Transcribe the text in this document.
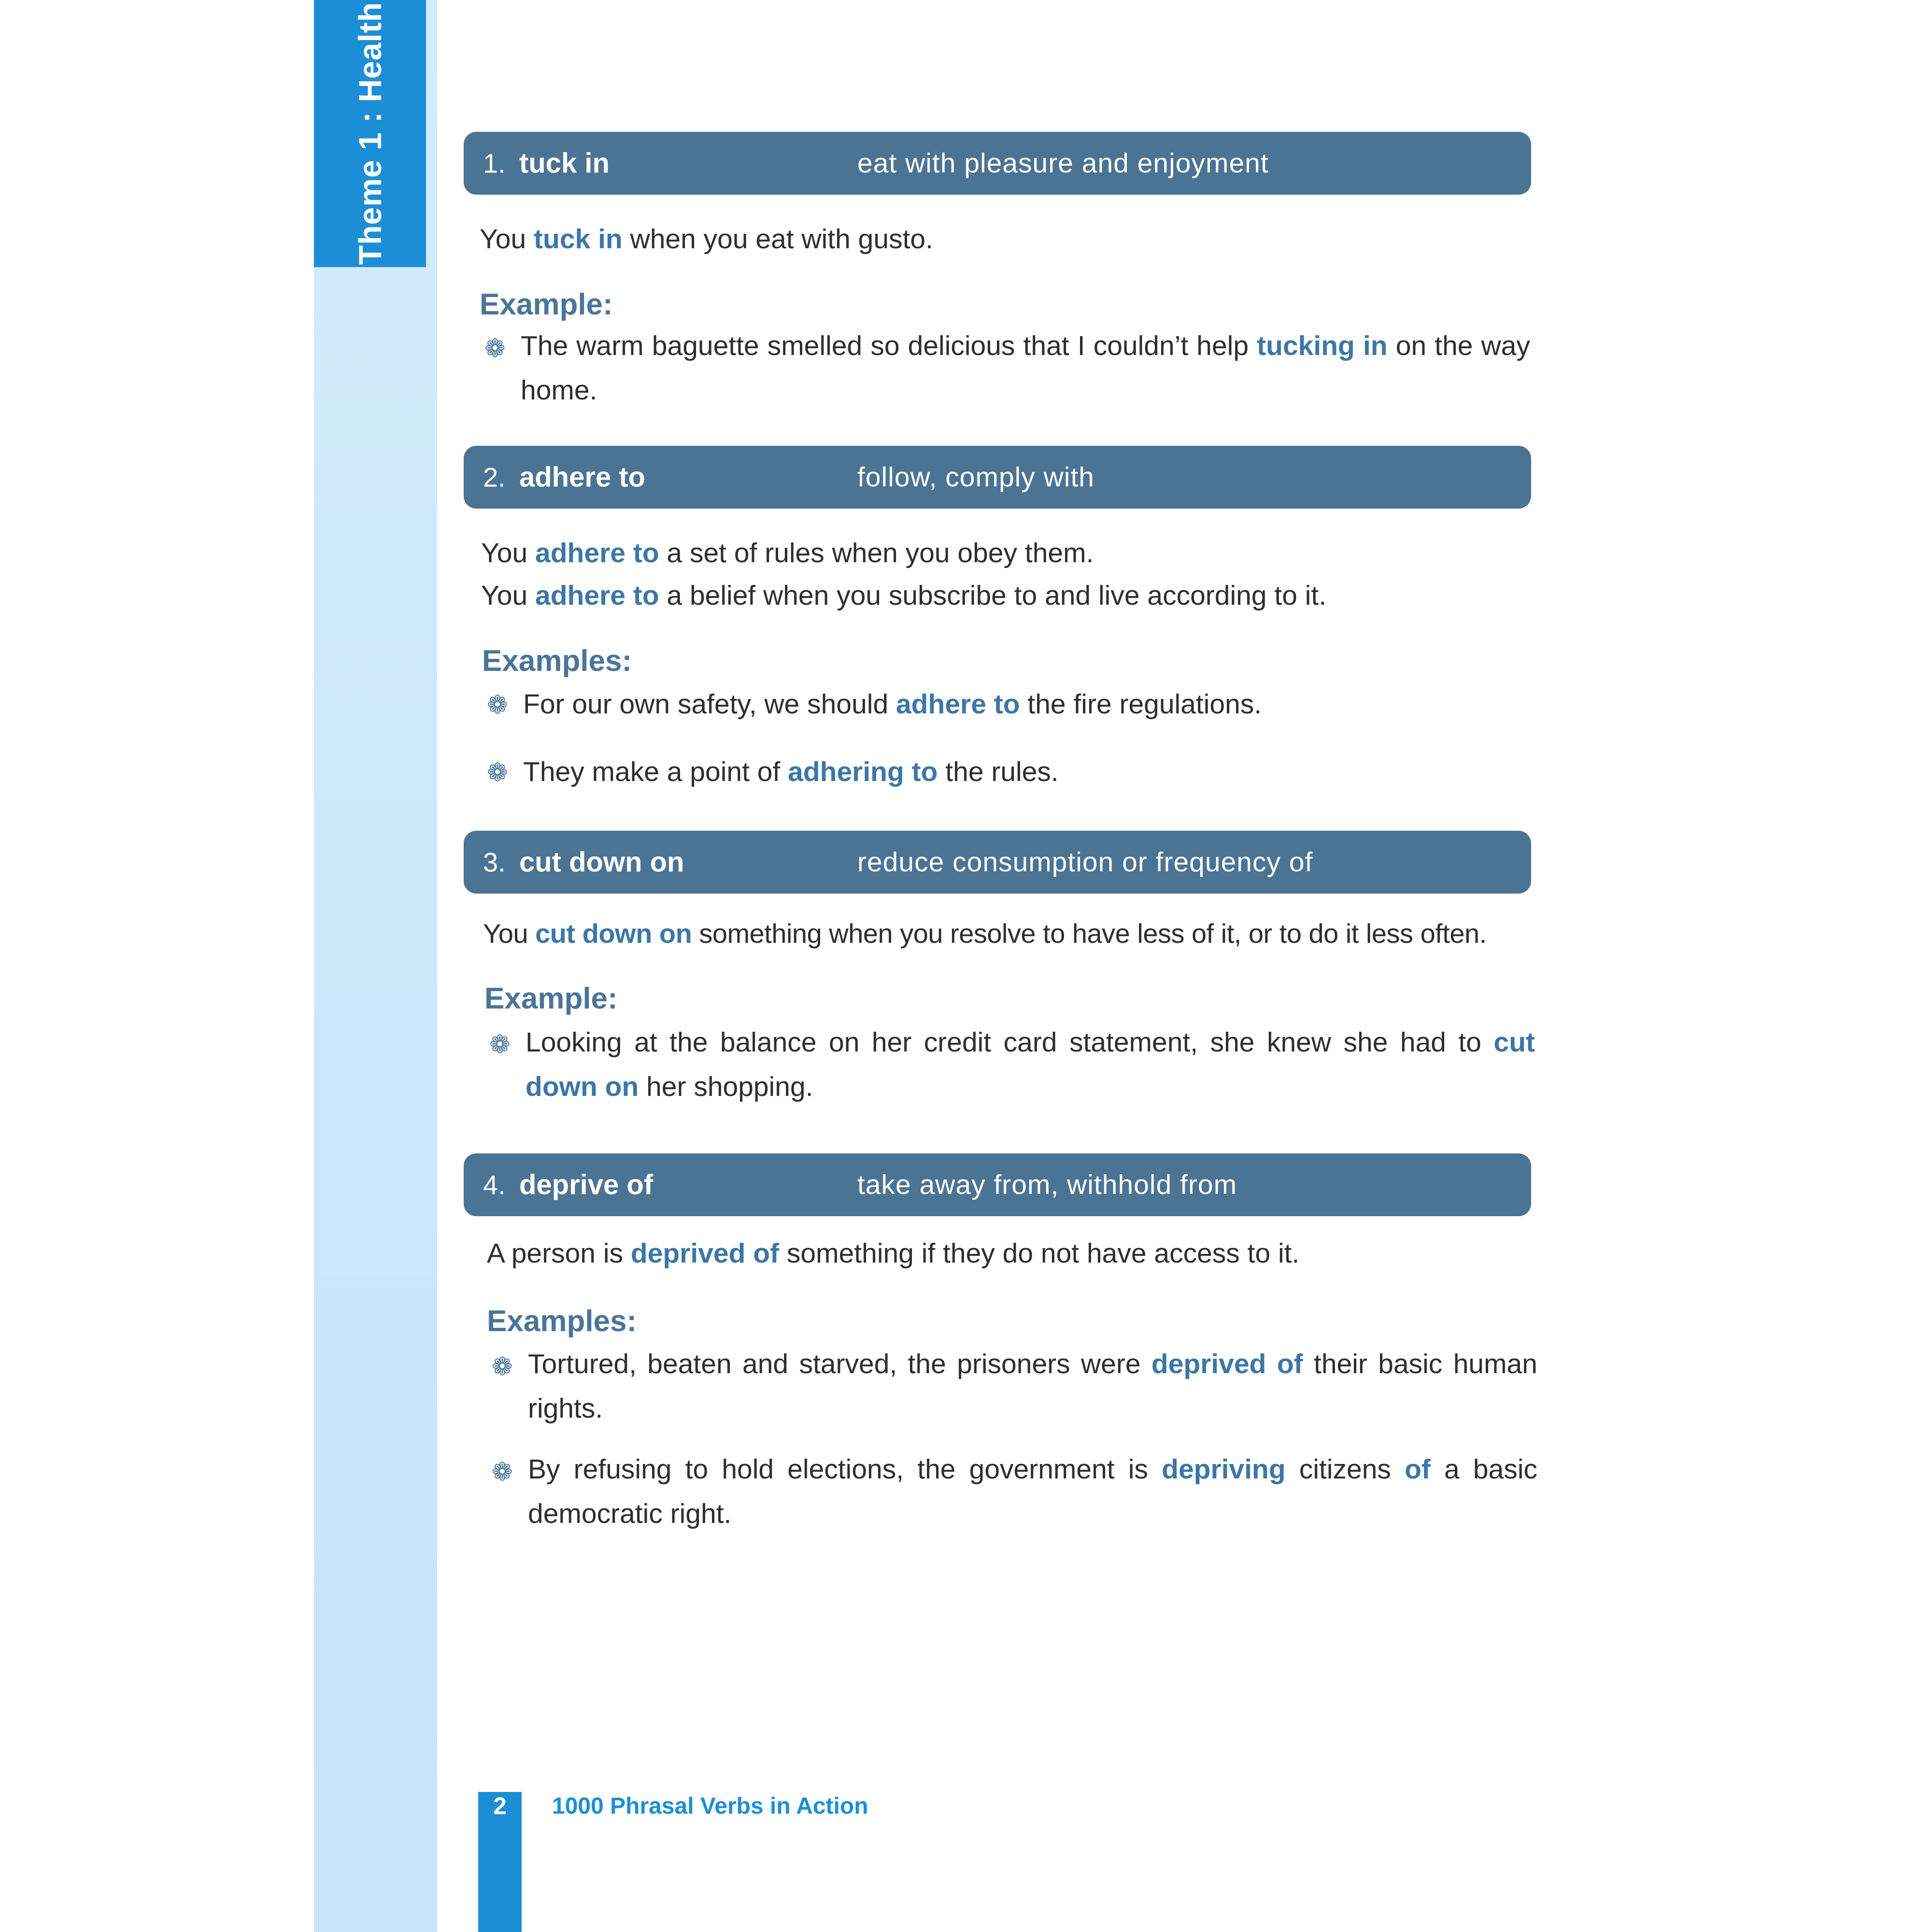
Theme 1 : Health	1. tuck in	eat with pleasure and enjoyment
You tuck in when you eat with gusto.
Example:
❁ The warm baguette smelled so delicious that I couldn’t help tucking in on the way home.
2. adhere to	follow, comply with
You adhere to a set of rules when you obey them.
You adhere to a belief when you subscribe to and live according to it.
Examples:
❁ For our own safety, we should adhere to the fire regulations.
❁ They make a point of adhering to the rules.
3. cut down on	reduce consumption or frequency of
You cut down on something when you resolve to have less of it, or to do it less often.
Example:
❁ Looking at the balance on her credit card statement, she knew she had to cut down on her shopping.
4. deprive of	take away from, withhold from
A person is deprived of something if they do not have access to it.
Examples:
❁ Tortured, beaten and starved, the prisoners were deprived of their basic human rights.
❁ By refusing to hold elections, the government is depriving citizens of a basic democratic right.
2	1000 Phrasal Verbs in Action
